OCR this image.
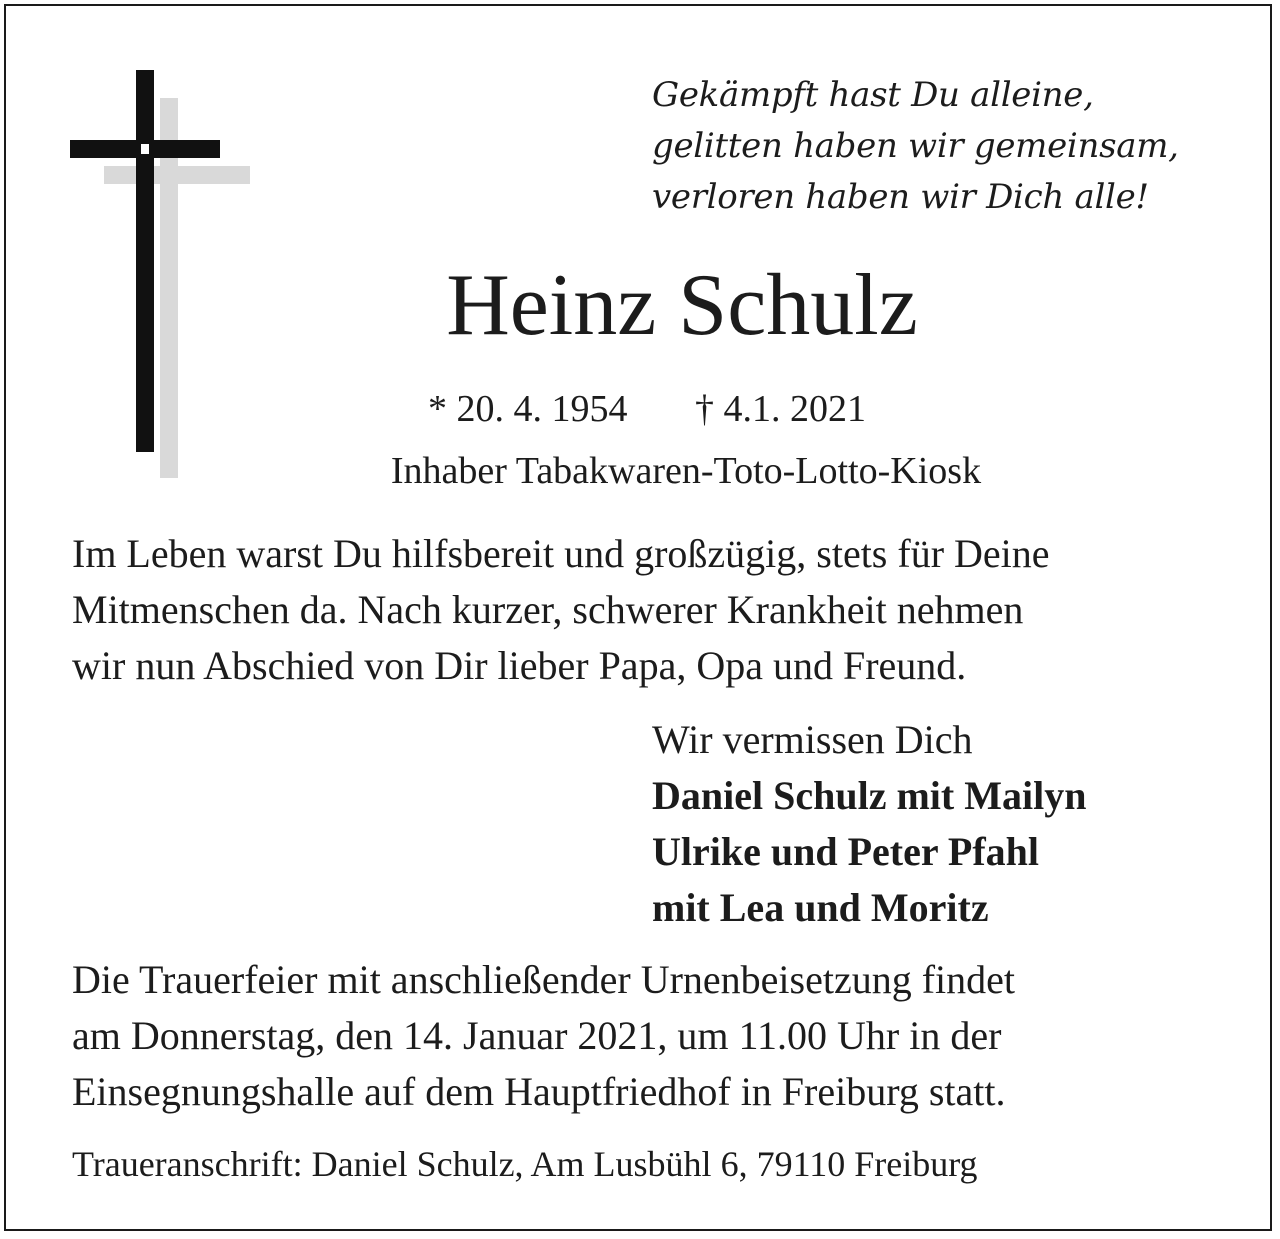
Gekämpft hast Du alleine,
gelitten haben wir gemeinsam,
verloren haben wir Dich alle!
Heinz Schulz
* 20. 4. 1954 † 4.1. 2021
Inhaber Tabakwaren-Toto-Lotto-Kiosk
Im Leben warst Du hilfsbereit und großzügig, stets für Deine
Mitmenschen da. Nach kurzer, schwerer Krankheit nehmen
wir nun Abschied von Dir lieber Papa, Opa und Freund.
Wir vermissen Dich
Daniel Schulz mit Mailyn
Ulrike und Peter Pfahl
mit Lea und Moritz
Die Trauerfeier mit anschließender Urnenbeisetzung findet
am Donnerstag, den 14. Januar 2021, um 11.00 Uhr in der
Einsegnungshalle auf dem Hauptfriedhof in Freiburg statt.
Traueranschrift: Daniel Schulz, Am Lusbühl 6, 79110 Freiburg
